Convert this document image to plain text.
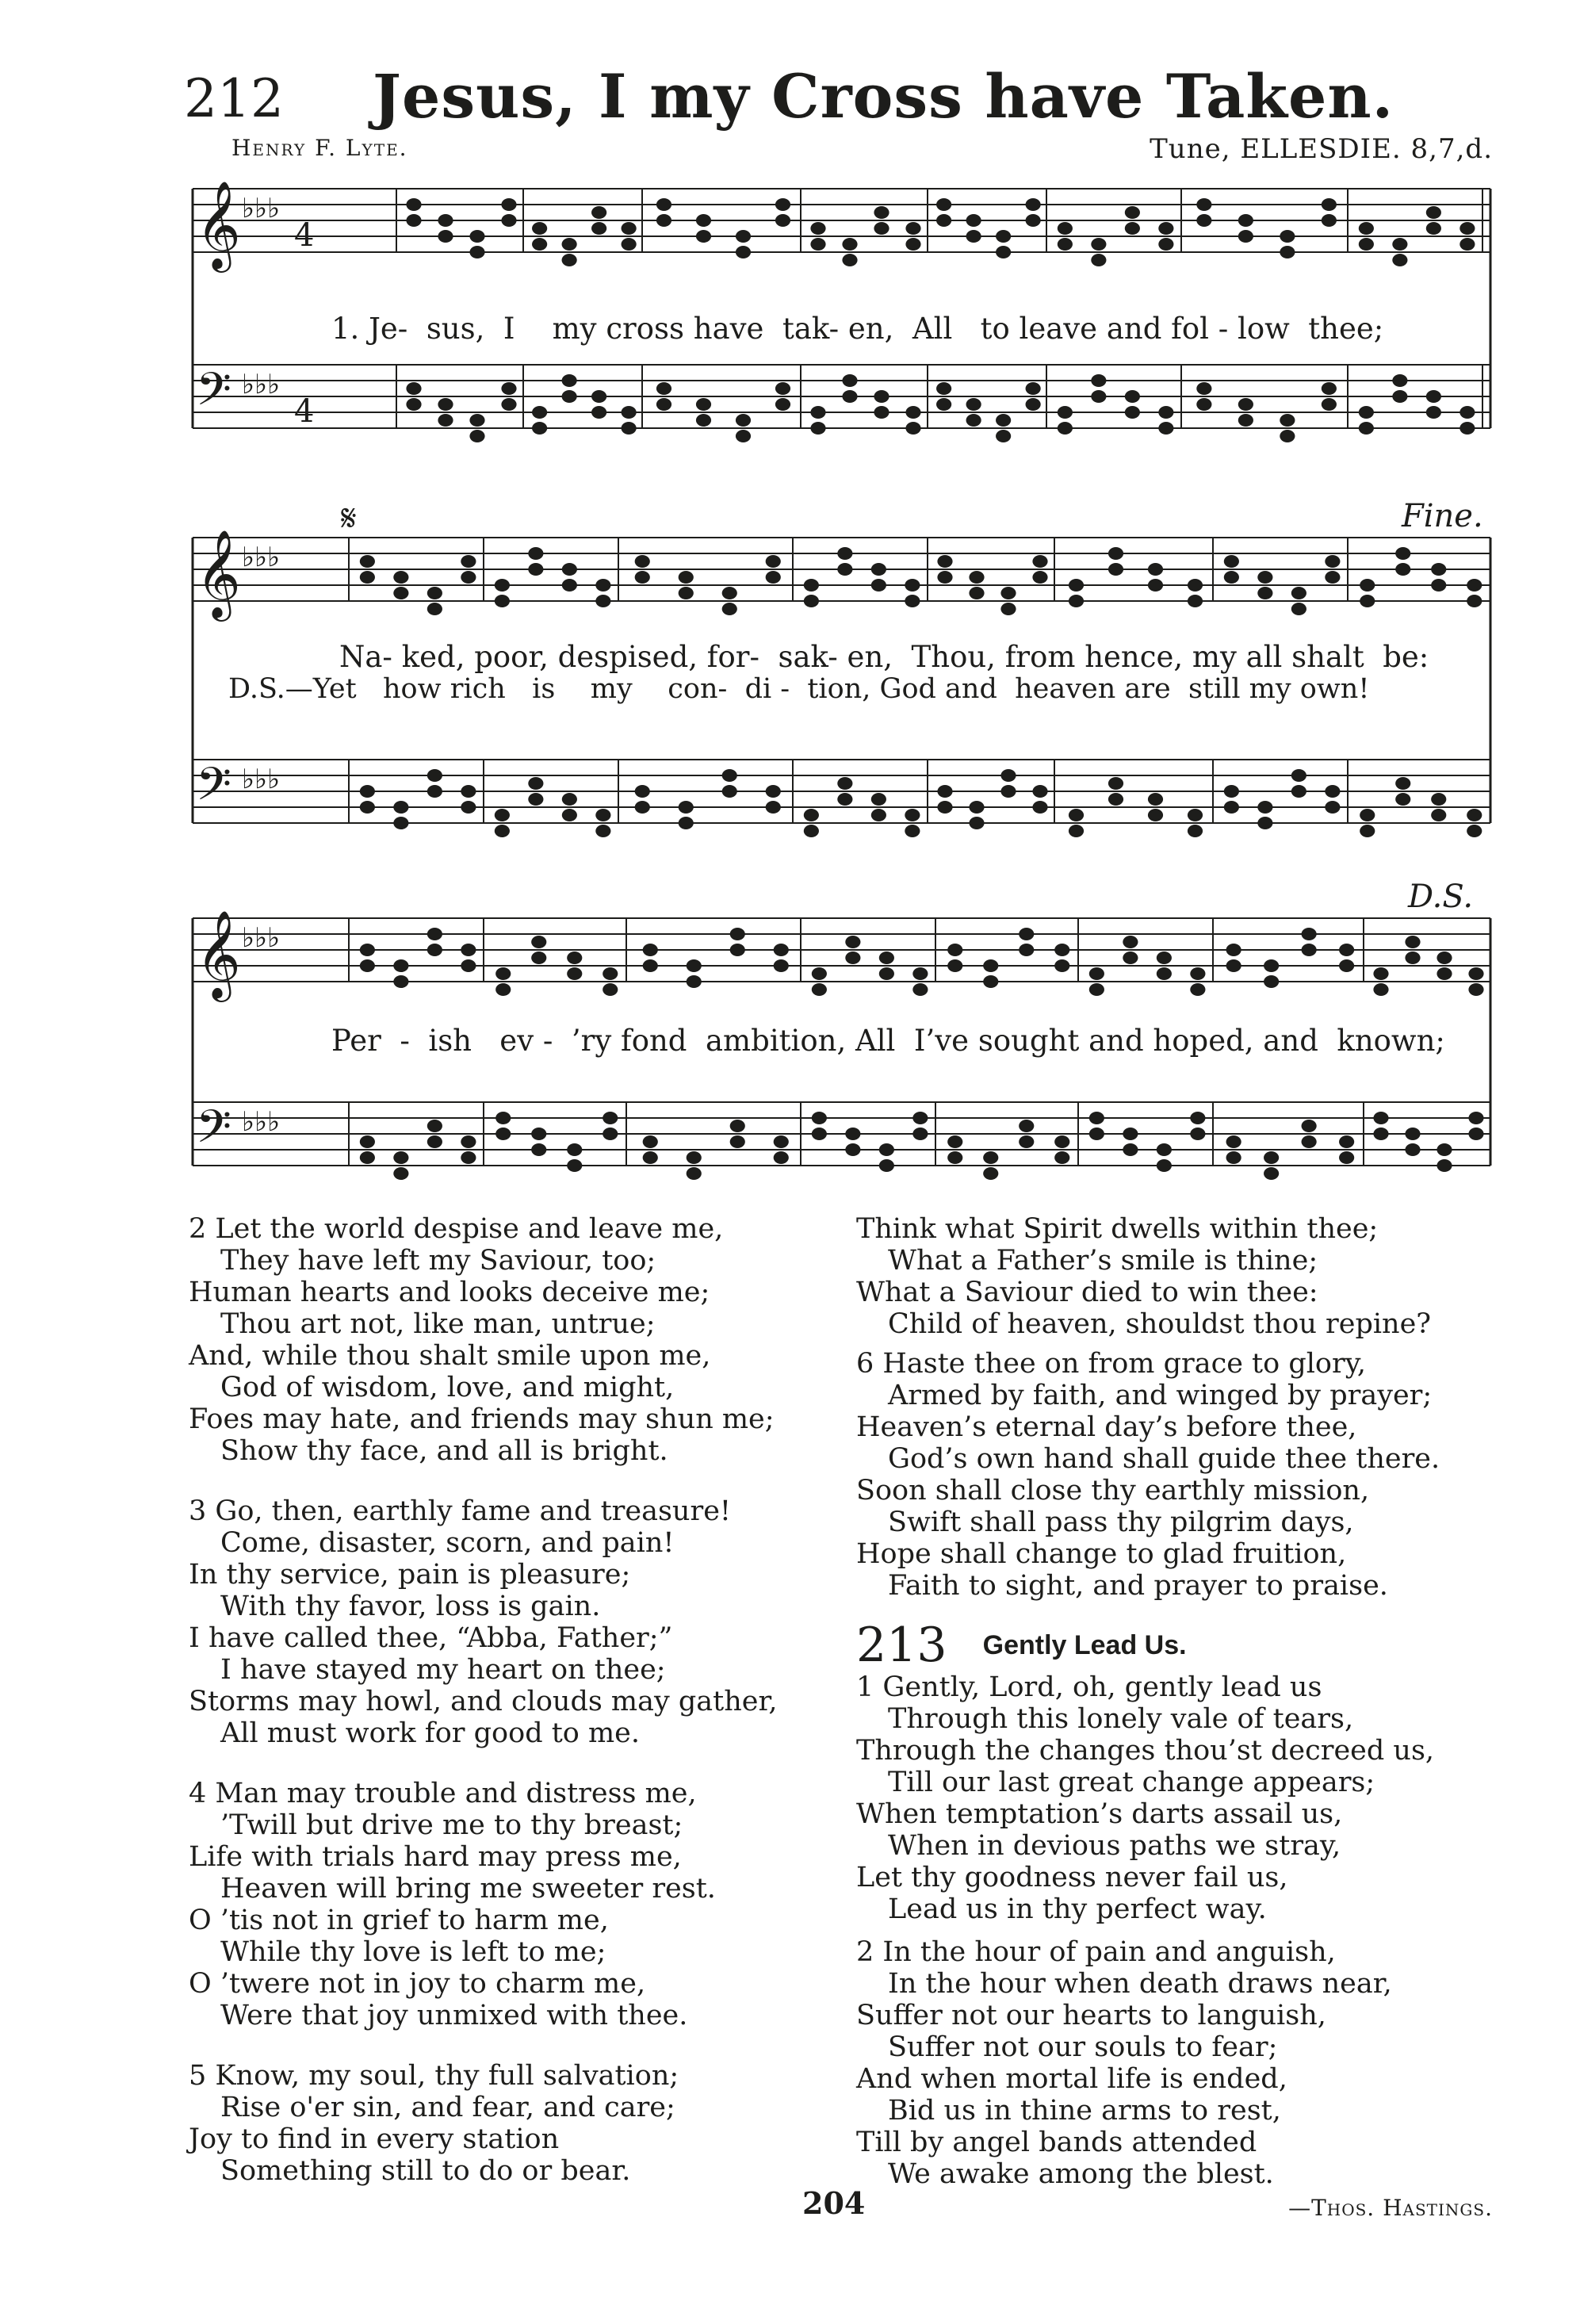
212 Jesus, I my Cross have Taken.
Henry F. Lyte.	Tune, ELLESDIE. 8,7,d.
𝄞 ♭♭♭
4
𝄢 ♭♭♭
4
𝄞 ♭♭♭
𝄢 ♭♭♭
𝄞 ♭♭♭
𝄢 ♭♭♭
𝄋	Fine.
D.S.
1. Je-  sus,  I    my cross have  tak- en,  All   to leave and fol - low  thee;
Na- ked, poor, despised, for-  sak- en,  Thou, from hence, my all shalt  be:
D.S.—Yet   how rich   is    my    con-  di -  tion, God and  heaven are  still my own!
Per  -  ish   ev -  ’ry fond  ambition, All  I’ve sought and hoped, and  known;
2 Let the world despise and leave me,
They have left my Saviour, too;
Human hearts and looks deceive me;
Thou art not, like man, untrue;
And, while thou shalt smile upon me,
God of wisdom, love, and might,
Foes may hate, and friends may shun me;
Show thy face, and all is bright.
3 Go, then, earthly fame and treasure!
Come, disaster, scorn, and pain!
In thy service, pain is pleasure;
With thy favor, loss is gain.
I have called thee, “Abba, Father;”
I have stayed my heart on thee;
Storms may howl, and clouds may gather,
All must work for good to me.
4 Man may trouble and distress me,
’Twill but drive me to thy breast;
Life with trials hard may press me,
Heaven will bring me sweeter rest.
O ’tis not in grief to harm me,
While thy love is left to me;
O ’twere not in joy to charm me,
Were that joy unmixed with thee.
5 Know, my soul, thy full salvation;
Rise o'er sin, and fear, and care;
Joy to find in every station
Something still to do or bear.
Think what Spirit dwells within thee;
What a Father’s smile is thine;
What a Saviour died to win thee:
Child of heaven, shouldst thou repine?
6 Haste thee on from grace to glory,
Armed by faith, and winged by prayer;
Heaven’s eternal day’s before thee,
God’s own hand shall guide thee there.
Soon shall close thy earthly mission,
Swift shall pass thy pilgrim days,
Hope shall change to glad fruition,
Faith to sight, and prayer to praise.
213 Gently Lead Us.
1 Gently, Lord, oh, gently lead us
Through this lonely vale of tears,
Through the changes thou’st decreed us,
Till our last great change appears;
When temptation’s darts assail us,
When in devious paths we stray,
Let thy goodness never fail us,
Lead us in thy perfect way.
2 In the hour of pain and anguish,
In the hour when death draws near,
Suffer not our hearts to languish,
Suffer not our souls to fear;
And when mortal life is ended,
Bid us in thine arms to rest,
Till by angel bands attended
We awake among the blest.
204	—Thos. Hastings.
